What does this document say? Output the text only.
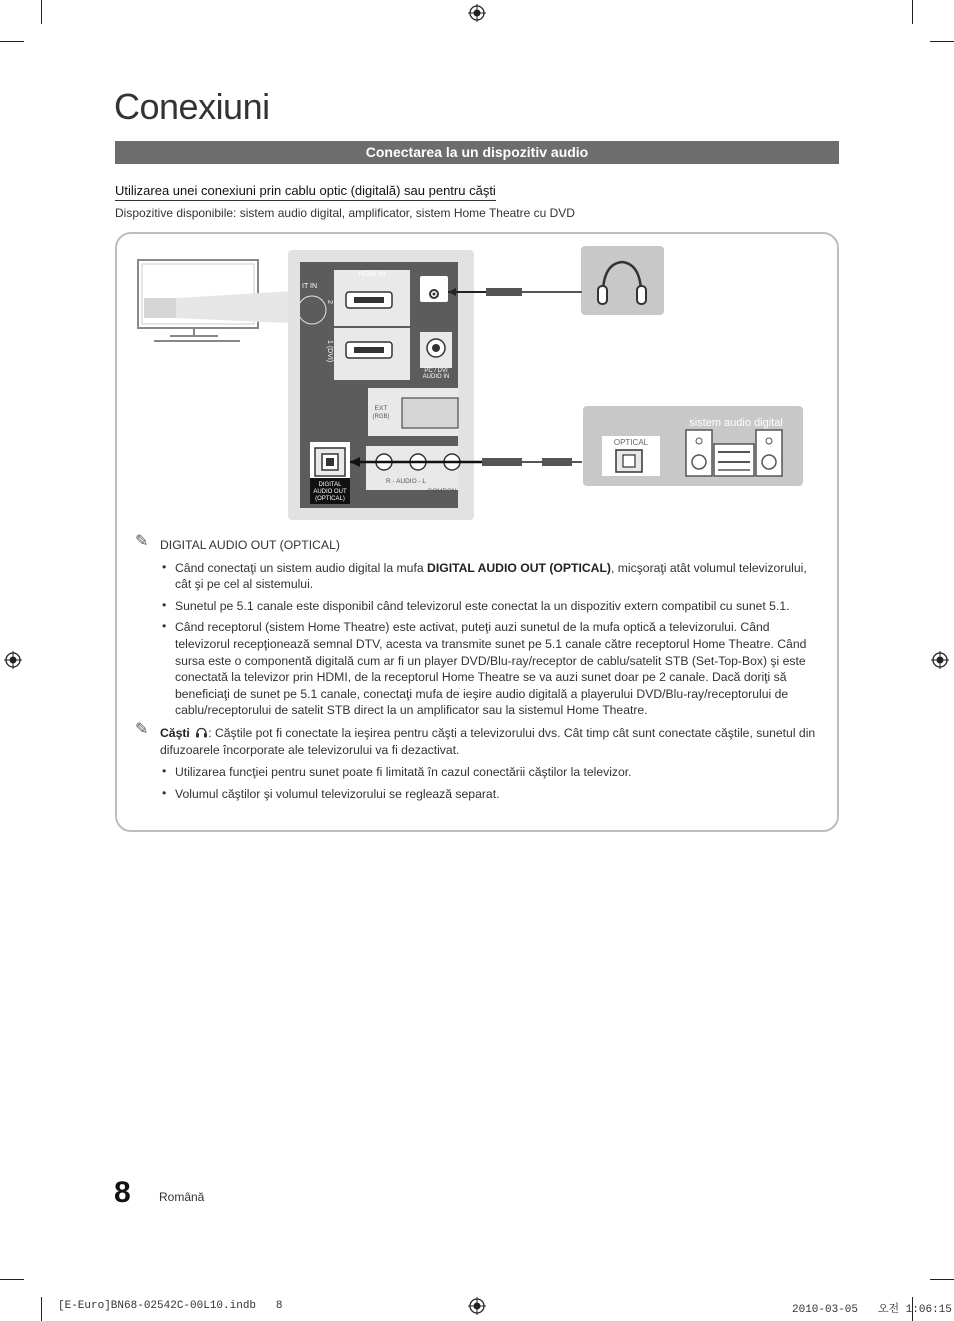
Conexiuni
Conectarea la un dispozitiv audio
Utilizarea unei conexiuni prin cablu optic (digitală) sau pentru căşti
Dispozitive disponibile: sistem audio digital, amplificator, sistem Home Theatre cu DVD
HDMI IN
IT IN
2
1 (DVI)
PC / DVI
AUDIO IN
EXT
(RGB)
DIGITAL
AUDIO OUT
(OPTICAL)
R - AUDIO - L
COMPON
sistem audio digital
OPTICAL
✎ DIGITAL AUDIO OUT (OPTICAL)
• Când conectaţi un sistem audio digital la mufa DIGITAL AUDIO OUT (OPTICAL), micşoraţi atât volumul televizorului, cât şi pe cel al sistemului.
• Sunetul pe 5.1 canale este disponibil când televizorul este conectat la un dispozitiv extern compatibil cu sunet 5.1.
• Când receptorul (sistem Home Theatre) este activat, puteţi auzi sunetul de la mufa optică a televizorului. Când televizorul recepţionează semnal DTV, acesta va transmite sunet pe 5.1 canale către receptorul Home Theatre. Când sursa este o componentă digitală cum ar fi un player DVD/Blu-ray/receptor de cablu/satelit STB (Set-Top-Box) şi este conectată la televizor prin HDMI, de la receptorul Home Theatre se va auzi sunet doar pe 2 canale. Dacă doriţi să beneficiaţi de sunet pe 5.1 canale, conectaţi mufa de ieşire audio digitală a playerului DVD/Blu-ray/receptorului de cablu/receptorului de satelit STB direct la un amplificator sau la sistemul Home Theatre.
✎ Căşti : Căştile pot fi conectate la ieşirea pentru căşti a televizorului dvs. Cât timp cât sunt conectate căştile, sunetul din difuzoarele încorporate ale televizorului va fi dezactivat.
• Utilizarea funcţiei pentru sunet poate fi limitată în cazul conectării căştilor la televizor.
• Volumul căştilor şi volumul televizorului se reglează separat.
8 Română
[E-Euro]BN68-02542C-00L10.indb   8	2010-03-05   오전 1:06:15
